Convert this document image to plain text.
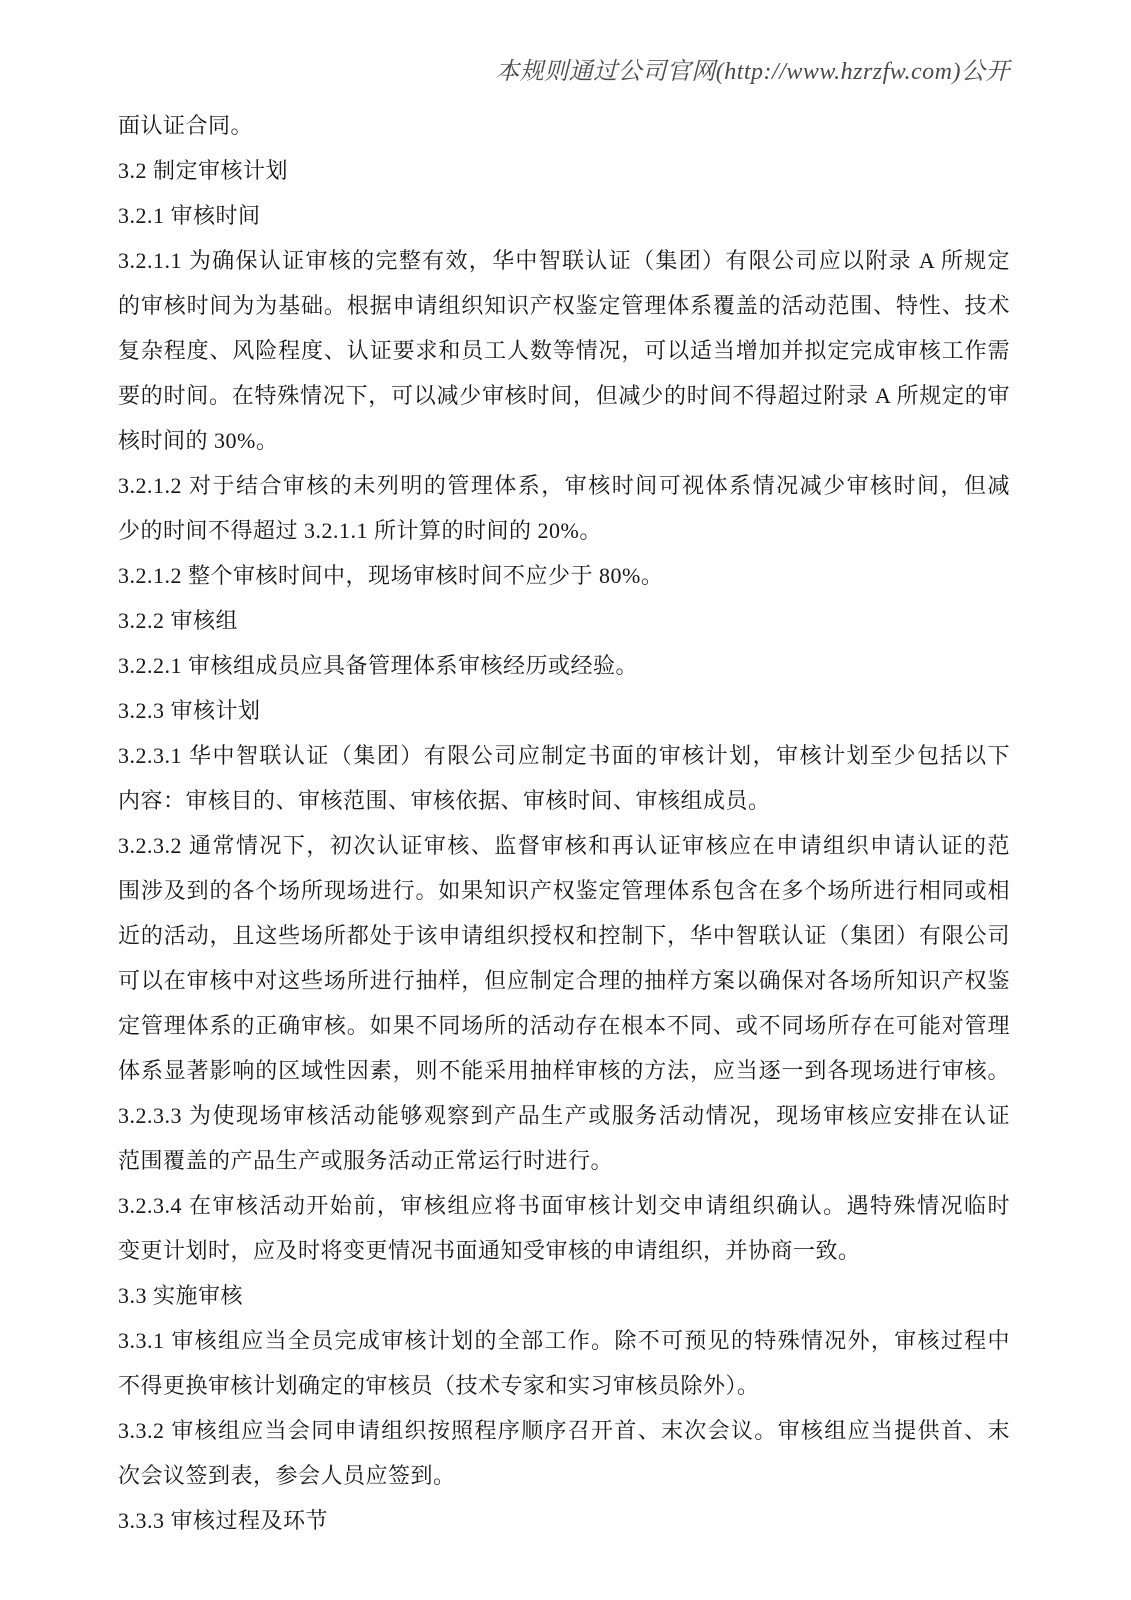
本规则通过公司官网(http://www.hzrzfw.com)公开
面认证合同。
3.2 制定审核计划
3.2.1 审核时间
3.2.1.1 为确保认证审核的完整有效，华中智联认证（集团）有限公司应以附录 A 所规定
的审核时间为为基础。根据申请组织知识产权鉴定管理体系覆盖的活动范围、特性、技术
复杂程度、风险程度、认证要求和员工人数等情况，可以适当增加并拟定完成审核工作需
要的时间。在特殊情况下，可以减少审核时间，但减少的时间不得超过附录 A 所规定的审
核时间的 30%。
3.2.1.2 对于结合审核的未列明的管理体系，审核时间可视体系情况减少审核时间，但减
少的时间不得超过 3.2.1.1 所计算的时间的 20%。
3.2.1.2 整个审核时间中，现场审核时间不应少于 80%。
3.2.2 审核组
3.2.2.1 审核组成员应具备管理体系审核经历或经验。
3.2.3 审核计划
3.2.3.1 华中智联认证（集团）有限公司应制定书面的审核计划，审核计划至少包括以下
内容：审核目的、审核范围、审核依据、审核时间、审核组成员。
3.2.3.2 通常情况下，初次认证审核、监督审核和再认证审核应在申请组织申请认证的范
围涉及到的各个场所现场进行。如果知识产权鉴定管理体系包含在多个场所进行相同或相
近的活动，且这些场所都处于该申请组织授权和控制下，华中智联认证（集团）有限公司
可以在审核中对这些场所进行抽样，但应制定合理的抽样方案以确保对各场所知识产权鉴
定管理体系的正确审核。如果不同场所的活动存在根本不同、或不同场所存在可能对管理
体系显著影响的区域性因素，则不能采用抽样审核的方法，应当逐一到各现场进行审核。
3.2.3.3 为使现场审核活动能够观察到产品生产或服务活动情况，现场审核应安排在认证
范围覆盖的产品生产或服务活动正常运行时进行。
3.2.3.4 在审核活动开始前，审核组应将书面审核计划交申请组织确认。遇特殊情况临时
变更计划时，应及时将变更情况书面通知受审核的申请组织，并协商一致。
3.3 实施审核
3.3.1 审核组应当全员完成审核计划的全部工作。除不可预见的特殊情况外，审核过程中
不得更换审核计划确定的审核员（技术专家和实习审核员除外）。
3.3.2 审核组应当会同申请组织按照程序顺序召开首、末次会议。审核组应当提供首、末
次会议签到表，参会人员应签到。
3.3.3 审核过程及环节
